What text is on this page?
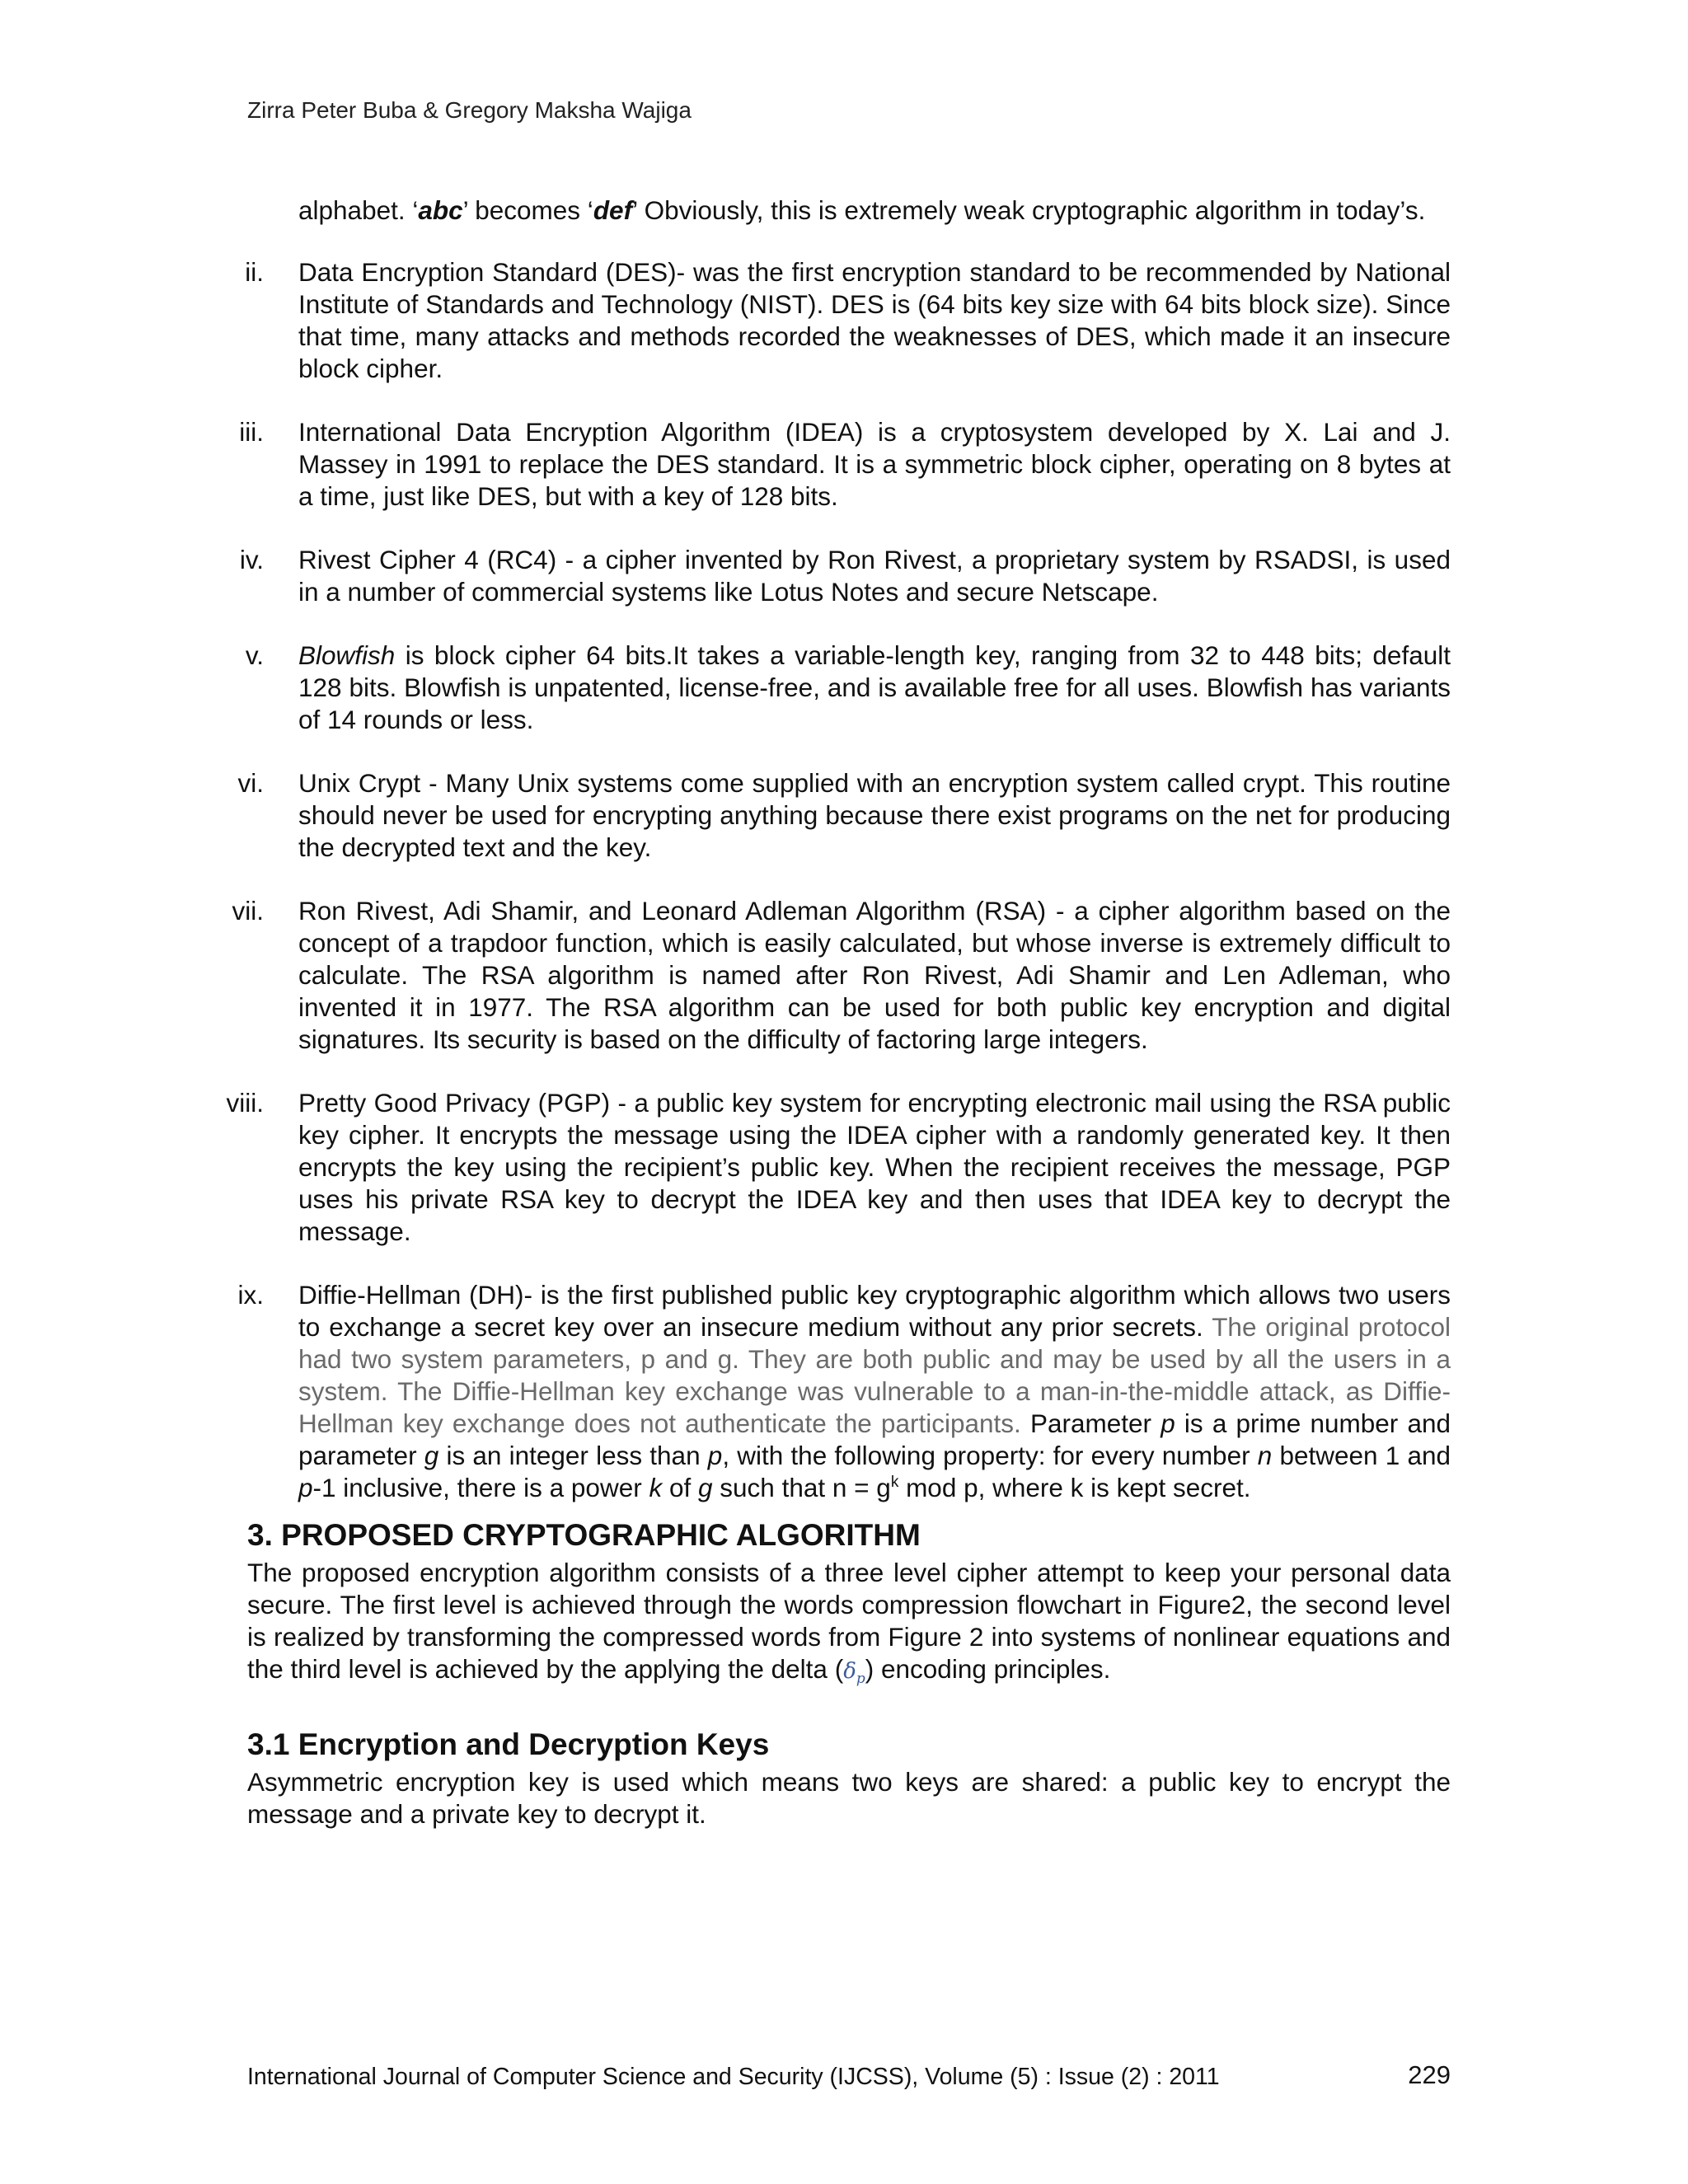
Zirra Peter Buba & Gregory Maksha Wajiga
alphabet. ‘abc’ becomes ‘def’ Obviously, this is extremely weak cryptographic algorithm in today’s.
ii. Data Encryption Standard (DES)- was the first encryption standard to be recommended by National Institute of Standards and Technology (NIST). DES is (64 bits key size with 64 bits block size). Since that time, many attacks and methods recorded the weaknesses of DES, which made it an insecure block cipher.
iii. International Data Encryption Algorithm (IDEA) is a cryptosystem developed by X. Lai and J. Massey in 1991 to replace the DES standard. It is a symmetric block cipher, operating on 8 bytes at a time, just like DES, but with a key of 128 bits.
iv. Rivest Cipher 4 (RC4) - a cipher invented by Ron Rivest, a proprietary system by RSADSI, is used in a number of commercial systems like Lotus Notes and secure Netscape.
v. Blowfish is block cipher 64 bits.It takes a variable-length key, ranging from 32 to 448 bits; default 128 bits. Blowfish is unpatented, license-free, and is available free for all uses. Blowfish has variants of 14 rounds or less.
vi. Unix Crypt - Many Unix systems come supplied with an encryption system called crypt. This routine should never be used for encrypting anything because there exist programs on the net for producing the decrypted text and the key.
vii. Ron Rivest, Adi Shamir, and Leonard Adleman Algorithm (RSA) - a cipher algorithm based on the concept of a trapdoor function, which is easily calculated, but whose inverse is extremely difficult to calculate. The RSA algorithm is named after Ron Rivest, Adi Shamir and Len Adleman, who invented it in 1977. The RSA algorithm can be used for both public key encryption and digital signatures. Its security is based on the difficulty of factoring large integers.
viii. Pretty Good Privacy (PGP) - a public key system for encrypting electronic mail using the RSA public key cipher. It encrypts the message using the IDEA cipher with a randomly generated key. It then encrypts the key using the recipient’s public key. When the recipient receives the message, PGP uses his private RSA key to decrypt the IDEA key and then uses that IDEA key to decrypt the message.
ix. Diffie-Hellman (DH)- is the first published public key cryptographic algorithm which allows two users to exchange a secret key over an insecure medium without any prior secrets. The original protocol had two system parameters, p and g. They are both public and may be used by all the users in a system. The Diffie-Hellman key exchange was vulnerable to a man-in-the-middle attack, as Diffie-Hellman key exchange does not authenticate the participants. Parameter p is a prime number and parameter g is an integer less than p, with the following property: for every number n between 1 and p-1 inclusive, there is a power k of g such that $n = g^k$ mod p, where k is kept secret.
3. PROPOSED CRYPTOGRAPHIC ALGORITHM

The proposed encryption algorithm consists of a three level cipher attempt to keep your personal data secure. The first level is achieved through the words compression flowchart in Figure2, the second level is realized by transforming the compressed words from Figure 2 into systems of nonlinear equations and the third level is achieved by the applying the delta $(\delta_p)$ encoding principles.

3.1 Encryption and Decryption Keys

Asymmetric encryption key is used which means two keys are shared: a public key to encrypt the message and a private key to decrypt it.

International Journal of Computer Science and Security (IJCSS), Volume (5) : Issue (2) : 2011	229
